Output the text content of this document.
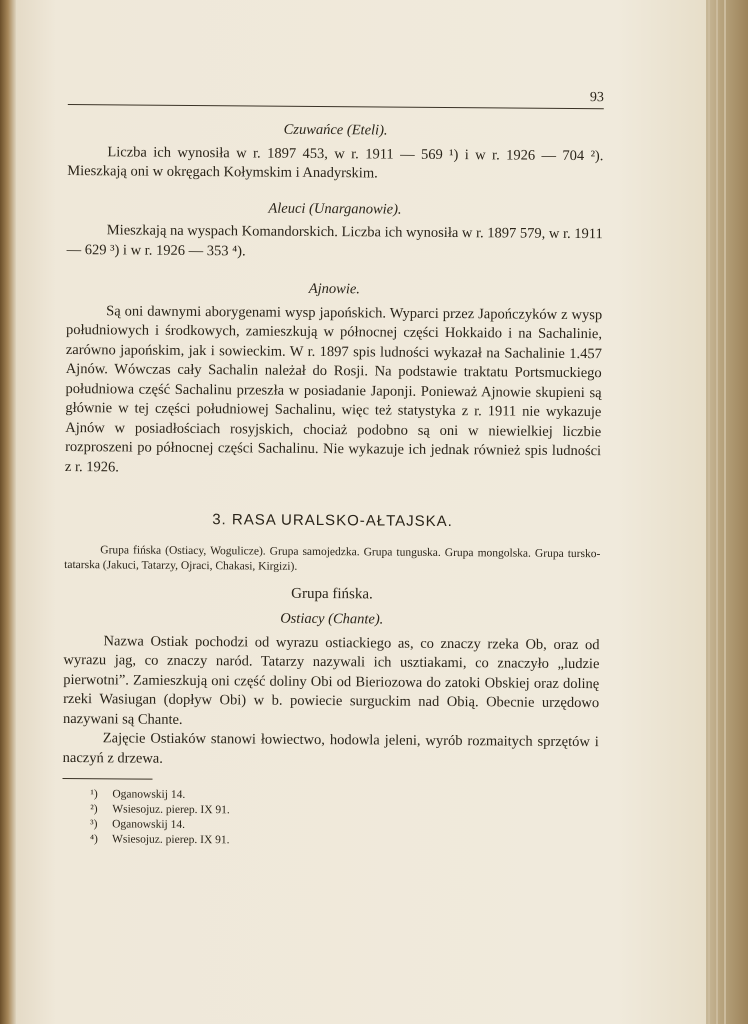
93
Czuwańce (Eteli).

Liczba ich wynosiła w r. 1897 453, w r. 1911 — 569 ¹) i w r. 1926 — 704 ²). Mieszkają oni w okręgach Kołymskim i Anadyrskim.

Aleuci (Unarganowie).

Mieszkają na wyspach Komandorskich. Liczba ich wynosiła w r. 1897 579, w r. 1911 — 629 ³) i w r. 1926 — 353 ⁴).

Ajnowie.

Są oni dawnymi aborygenami wysp japońskich. Wyparci przez Japończyków z wysp południowych i środkowych, zamieszkują w północnej części Hokkaido i na Sachalinie, zarówno japońskim, jak i sowieckim. W r. 1897 spis ludności wykazał na Sachalinie 1.457 Ajnów. Wówczas cały Sachalin należał do Rosji. Na podstawie traktatu Portsmuckiego południowa część Sachalinu przeszła w posiadanie Japonji. Ponieważ Ajnowie skupieni są głównie w tej części południowej Sachalinu, więc też statystyka z r. 1911 nie wykazuje Ajnów w posiadłościach rosyjskich, chociaż podobno są oni w niewielkiej liczbie rozproszeni po północnej części Sachalinu. Nie wykazuje ich jednak również spis ludności z r. 1926.

3. RASA URALSKO-AŁTAJSKA.

Grupa fińska (Ostiacy, Wogulicze). Grupa samojedzka. Grupa tunguska. Grupa mongolska. Grupa tursko-tatarska (Jakuci, Tatarzy, Ojraci, Chakasi, Kirgizi).

Grupa fińska.
Ostiacy (Chante).

Nazwa Ostiak pochodzi od wyrazu ostiackiego as, co znaczy rzeka Ob, oraz od wyrazu jag, co znaczy naród. Tatarzy nazywali ich usztiakami, co znaczyło „ludzie pierwotni”. Zamieszkują oni część doliny Obi od Bieriozowa do zatoki Obskiej oraz dolinę rzeki Wasiugan (dopływ Obi) w b. powiecie surguckim nad Obią. Obecnie urzędowo nazywani są Chante.

Zajęcie Ostiaków stanowi łowiectwo, hodowla jeleni, wyrób rozmaitych sprzętów i naczyń z drzewa.

¹)	Oganowskij 14.
²)	Wsiesojuz. pierep. IX 91.
³)	Oganowskij 14.
⁴)	Wsiesojuz. pierep. IX 91.
